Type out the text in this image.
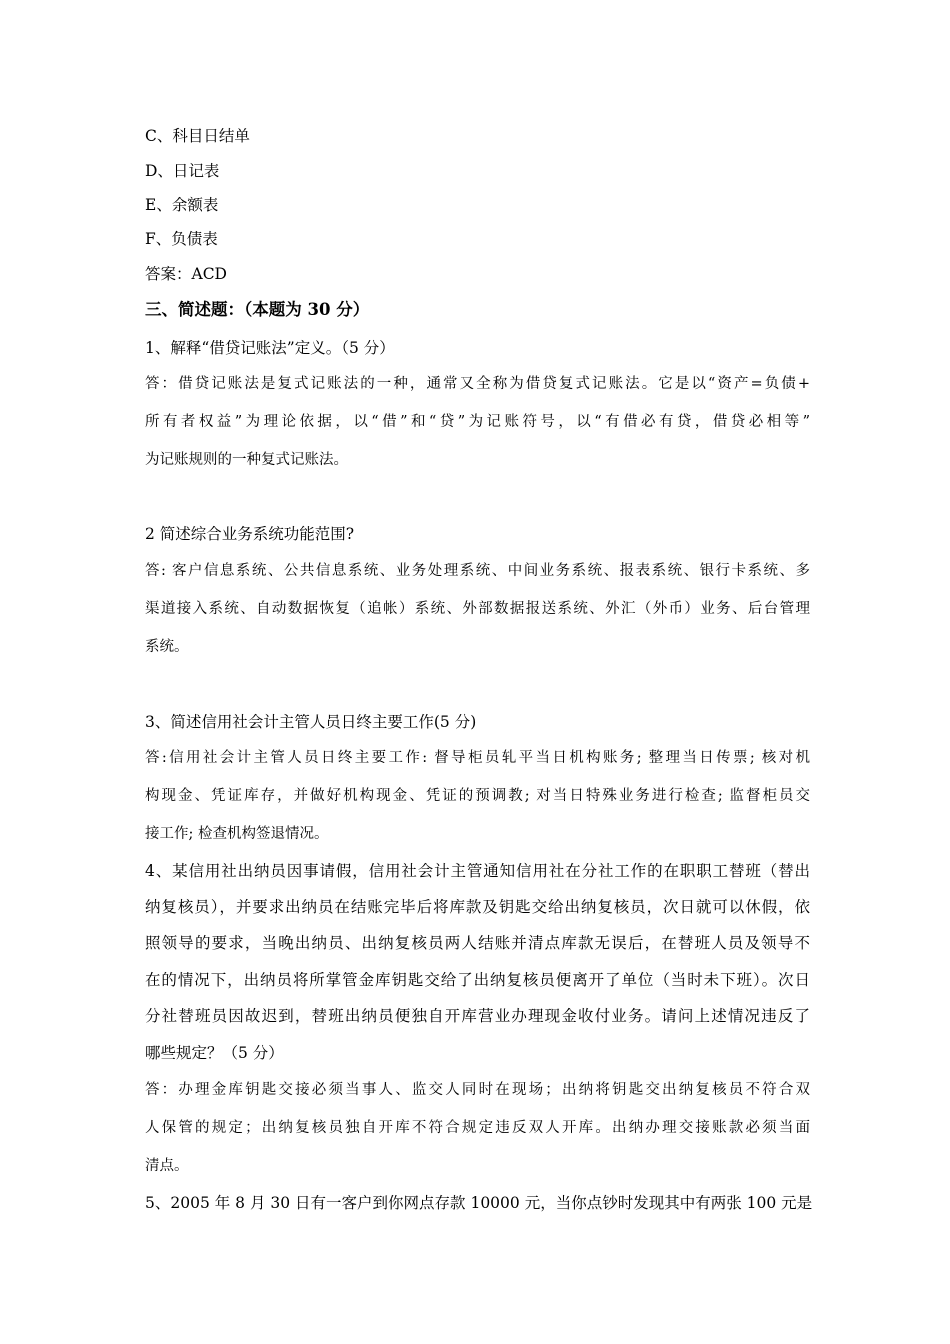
C、科目日结单
D、日记表
E、余额表
F、负债表
答案：ACD
三、简述题：（本题为 30 分）
1、解释“借贷记账法”定义。（5 分）
答：借贷记账法是复式记账法的一种，通常又全称为借贷复式记账法。它是以“资产=负债+
所有者权益”为理论依据，以“借”和“贷”为记账符号，以“有借必有贷，借贷必相等”
为记账规则的一种复式记账法。
2 简述综合业务系统功能范围?
答: 客户信息系统、公共信息系统、业务处理系统、中间业务系统、报表系统、银行卡系统、多
渠道接入系统、自动数据恢复（追帐）系统、外部数据报送系统、外汇（外币）业务、后台管理
系统。
3、简述信用社会计主管人员日终主要工作(5 分)
答:信用社会计主管人员日终主要工作: 督导柜员轧平当日机构账务; 整理当日传票; 核对机
构现金、凭证库存，并做好机构现金、凭证的预调教; 对当日特殊业务进行检查; 监督柜员交
接工作; 检查机构签退情况。
4、某信用社出纳员因事请假，信用社会计主管通知信用社在分社工作的在职职工替班（替出
纳复核员），并要求出纳员在结账完毕后将库款及钥匙交给出纳复核员，次日就可以休假，依
照领导的要求，当晚出纳员、出纳复核员两人结账并清点库款无误后，在替班人员及领导不
在的情况下，出纳员将所掌管金库钥匙交给了出纳复核员便离开了单位（当时未下班）。次日
分社替班员因故迟到，替班出纳员便独自开库营业办理现金收付业务。请问上述情况违反了
哪些规定？（5 分）
答：办理金库钥匙交接必须当事人、监交人同时在现场；出纳将钥匙交出纳复核员不符合双
人保管的规定；出纳复核员独自开库不符合规定违反双人开库。出纳办理交接账款必须当面
清点。
5、2005 年 8 月 30 日有一客户到你网点存款 10000 元，当你点钞时发现其中有两张 100 元是
